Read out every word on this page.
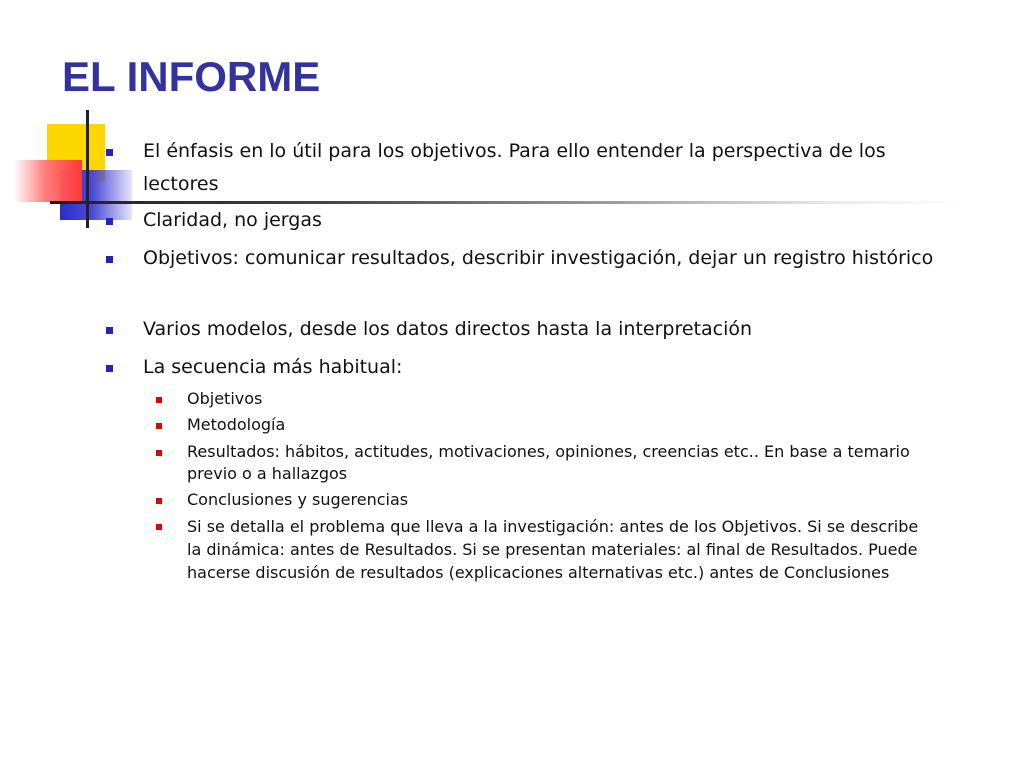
EL INFORME
El énfasis en lo útil para los objetivos. Para ello entender la perspectiva de los lectores
Claridad, no jergas
Objetivos: comunicar resultados, describir investigación, dejar un registro histórico
Varios modelos, desde los datos directos hasta la interpretación
La secuencia más habitual:
Objetivos
Metodología
Resultados: hábitos, actitudes, motivaciones, opiniones, creencias etc.. En base a temario previo o a hallazgos
Conclusiones y sugerencias
Si se detalla el problema que lleva a la investigación: antes de los Objetivos. Si se describe la dinámica: antes de Resultados. Si se presentan materiales: al final de Resultados. Puede hacerse discusión de resultados (explicaciones alternativas etc.) antes de Conclusiones
